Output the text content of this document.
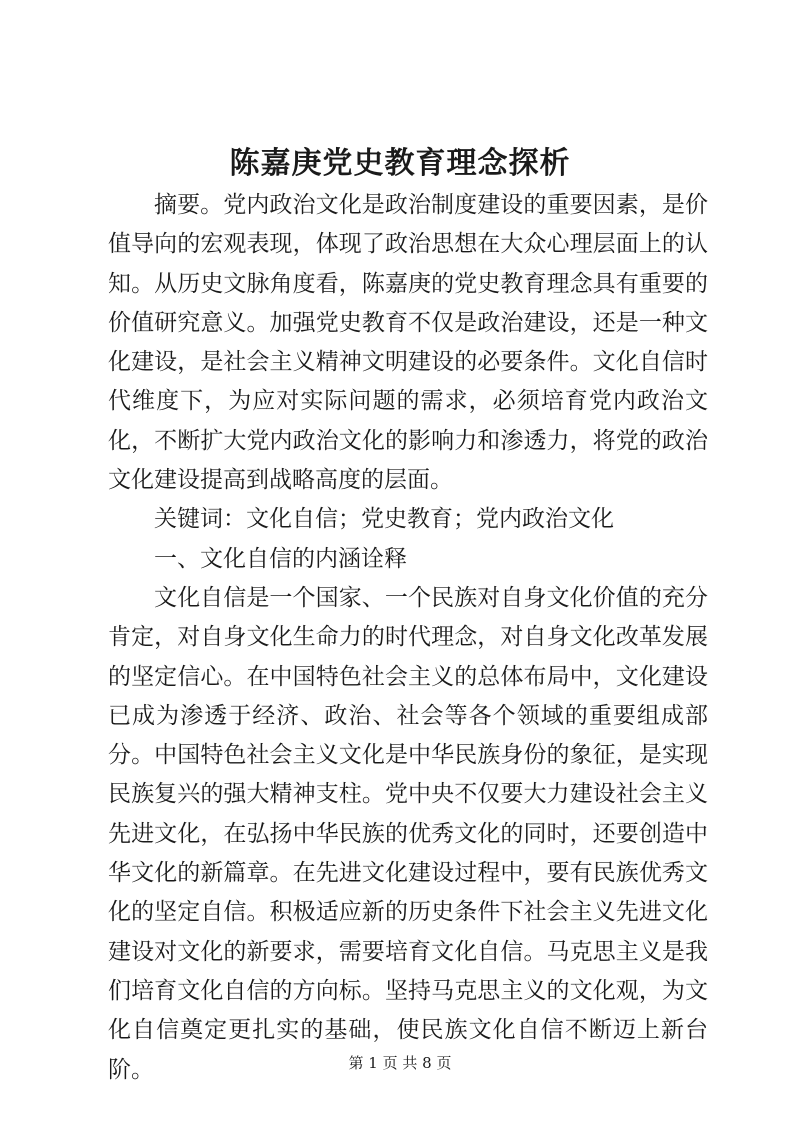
陈嘉庚党史教育理念探析

摘要。党内政治文化是政治制度建设的重要因素，是价值导向的宏观表现，体现了政治思想在大众心理层面上的认知。从历史文脉角度看，陈嘉庚的党史教育理念具有重要的价值研究意义。加强党史教育不仅是政治建设，还是一种文化建设，是社会主义精神文明建设的必要条件。文化自信时代维度下，为应对实际问题的需求，必须培育党内政治文化，不断扩大党内政治文化的影响力和渗透力，将党的政治文化建设提高到战略高度的层面。

关键词：文化自信；党史教育；党内政治文化

一、文化自信的内涵诠释

文化自信是一个国家、一个民族对自身文化价值的充分肯定，对自身文化生命力的时代理念，对自身文化改革发展的坚定信心。在中国特色社会主义的总体布局中，文化建设已成为渗透于经济、政治、社会等各个领域的重要组成部分。中国特色社会主义文化是中华民族身份的象征，是实现民族复兴的强大精神支柱。党中央不仅要大力建设社会主义先进文化，在弘扬中华民族的优秀文化的同时，还要创造中华文化的新篇章。在先进文化建设过程中，要有民族优秀文化的坚定自信。积极适应新的历史条件下社会主义先进文化建设对文化的新要求，需要培育文化自信。马克思主义是我们培育文化自信的方向标。坚持马克思主义的文化观，为文化自信奠定更扎实的基础，使民族文化自信不断迈上新台阶。	第 1 页 共 8 页
